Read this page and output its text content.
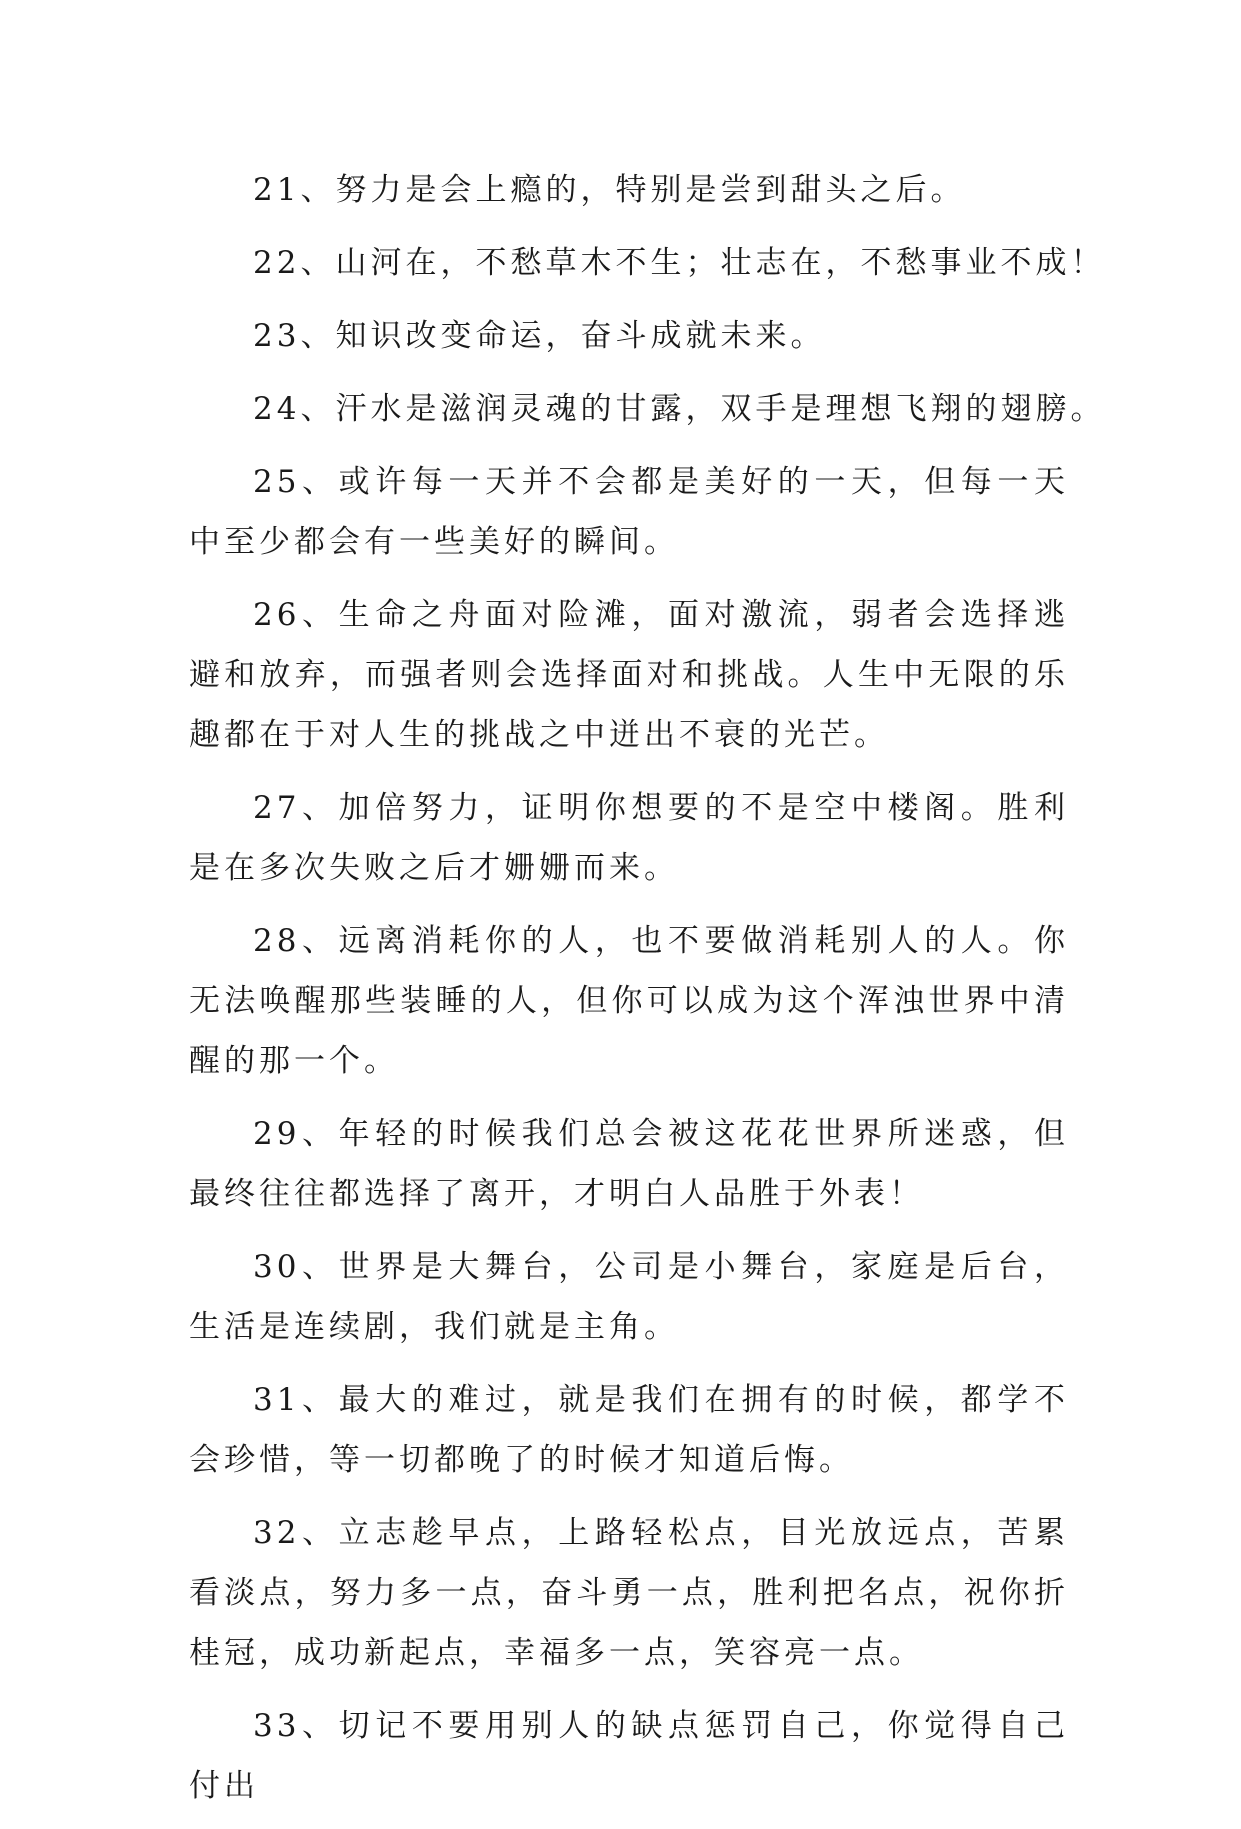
21、努力是会上瘾的，特别是尝到甜头之后。

22、山河在，不愁草木不生；壮志在，不愁事业不成！

23、知识改变命运，奋斗成就未来。

24、汗水是滋润灵魂的甘露，双手是理想飞翔的翅膀。

25、或许每一天并不会都是美好的一天，但每一天中至少都会有一些美好的瞬间。

26、生命之舟面对险滩，面对激流，弱者会选择逃避和放弃，而强者则会选择面对和挑战。人生中无限的乐趣都在于对人生的挑战之中迸出不衰的光芒。

27、加倍努力，证明你想要的不是空中楼阁。胜利是在多次失败之后才姗姗而来。

28、远离消耗你的人，也不要做消耗别人的人。你无法唤醒那些装睡的人，但你可以成为这个浑浊世界中清醒的那一个。

29、年轻的时候我们总会被这花花世界所迷惑，但最终往往都选择了离开，才明白人品胜于外表！

30、世界是大舞台，公司是小舞台，家庭是后台，生活是连续剧，我们就是主角。

31、最大的难过，就是我们在拥有的时候，都学不会珍惜，等一切都晚了的时候才知道后悔。

32、立志趁早点，上路轻松点，目光放远点，苦累看淡点，努力多一点，奋斗勇一点，胜利把名点，祝你折桂冠，成功新起点，幸福多一点，笑容亮一点。

33、切记不要用别人的缺点惩罚自己，你觉得自己付出
